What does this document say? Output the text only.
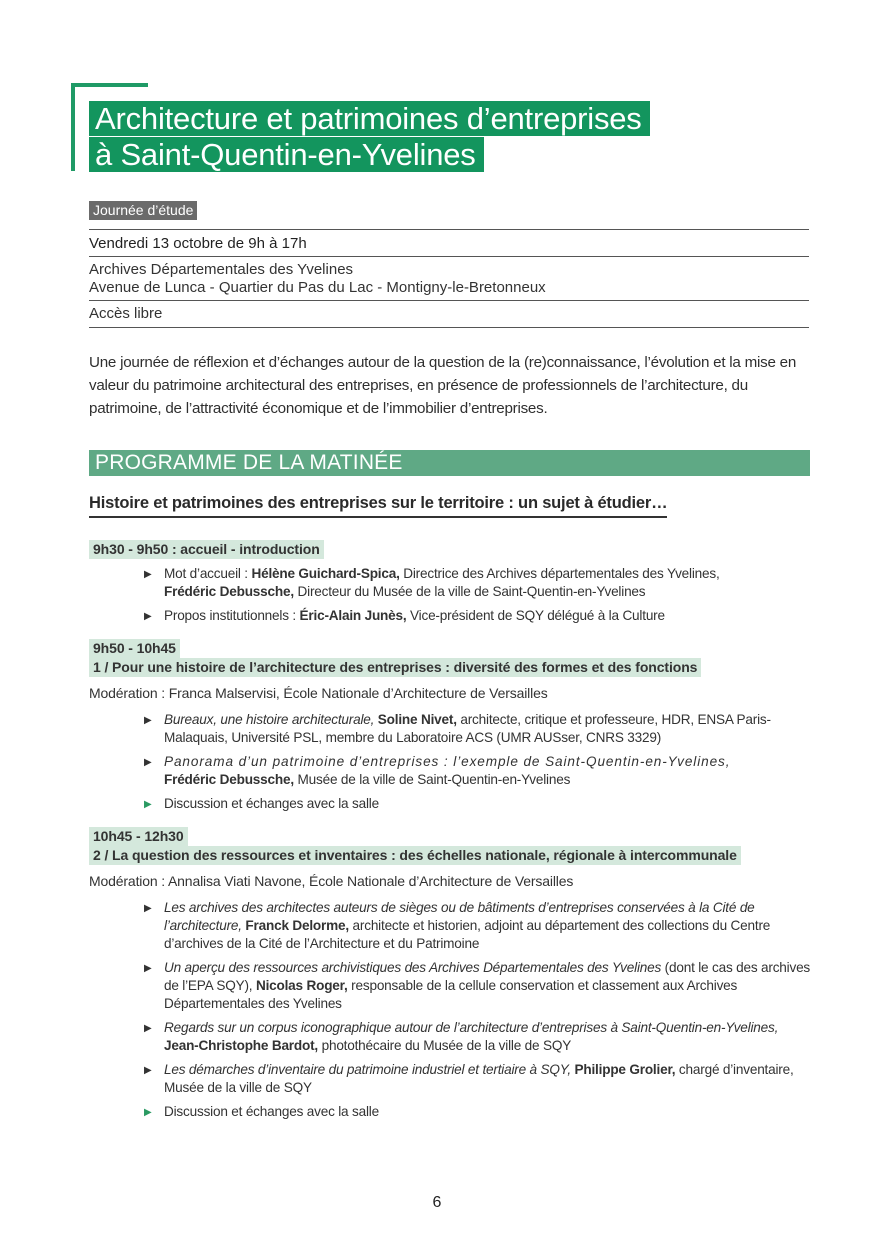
Architecture et patrimoines d’entreprises
à Saint-Quentin-en-Yvelines
Journée d’étude
Vendredi 13 octobre de 9h à 17h
Archives Départementales des Yvelines
Avenue de Lunca - Quartier du Pas du Lac - Montigny-le-Bretonneux
Accès libre

Une journée de réflexion et d’échanges autour de la question de la (re)connaissance, l’évolution et la mise en valeur du patrimoine architectural des entreprises, en présence de professionnels de l’architecture, du patrimoine, de l’attractivité économique et de l’immobilier d’entreprises.

PROGRAMME DE LA MATINÉE
Histoire et patrimoines des entreprises sur le territoire : un sujet à étudier…
9h30 - 9h50 : accueil - introduction
▶ Mot d’accueil : Hélène Guichard-Spica, Directrice des Archives départementales des Yvelines,
Frédéric Debussche, Directeur du Musée de la ville de Saint-Quentin-en-Yvelines
▶ Propos institutionnels : Éric-Alain Junès, Vice-président de SQY délégué à la Culture
9h50 - 10h45
1 / Pour une histoire de l’architecture des entreprises : diversité des formes et des fonctions
Modération : Franca Malservisi, École Nationale d’Architecture de Versailles
▶ Bureaux, une histoire architecturale, Soline Nivet, architecte, critique et professeure, HDR, ENSA Paris-Malaquais, Université PSL, membre du Laboratoire ACS (UMR AUSser, CNRS 3329)
▶ Panorama d’un patrimoine d’entreprises : l’exemple de Saint-Quentin-en-Yvelines,
Frédéric Debussche, Musée de la ville de Saint-Quentin-en-Yvelines
▶ Discussion et échanges avec la salle
10h45 - 12h30
2 / La question des ressources et inventaires : des échelles nationale, régionale à intercommunale
Modération : Annalisa Viati Navone, École Nationale d’Architecture de Versailles
▶ Les archives des architectes auteurs de sièges ou de bâtiments d’entreprises conservées à la Cité de l’architecture, Franck Delorme, architecte et historien, adjoint au département des collections du Centre d’archives de la Cité de l’Architecture et du Patrimoine
▶ Un aperçu des ressources archivistiques des Archives Départementales des Yvelines (dont le cas des archives de l’EPA SQY), Nicolas Roger, responsable de la cellule conservation et classement aux Archives Départementales des Yvelines
▶ Regards sur un corpus iconographique autour de l’architecture d’entreprises à Saint-Quentin-en-Yvelines, Jean-Christophe Bardot, photothécaire du Musée de la ville de SQY
▶ Les démarches d’inventaire du patrimoine industriel et tertiaire à SQY, Philippe Grolier, chargé d’inventaire, Musée de la ville de SQY
▶ Discussion et échanges avec la salle
6
